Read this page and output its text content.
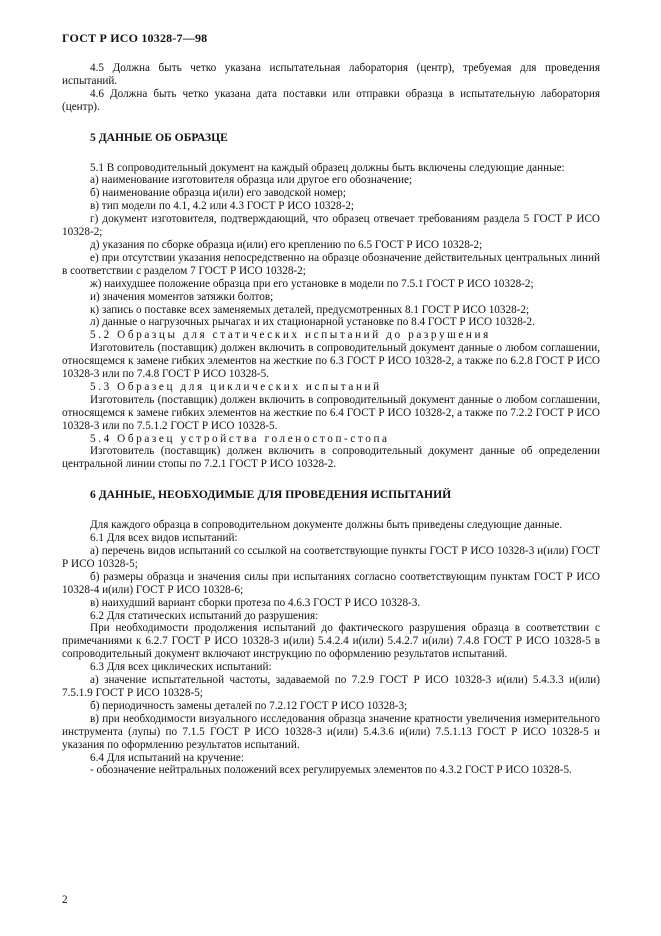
ГОСТ Р ИСО 10328-7—98

4.5 Должна быть четко указана испытательная лаборатория (центр), требуемая для проведения испытаний.

4.6 Должна быть четко указана дата поставки или отправки образца в испытательную лаборатория (центр).

5 ДАННЫЕ ОБ ОБРАЗЦЕ

5.1 В сопроводительный документ на каждый образец должны быть включены следующие данные:

а) наименование изготовителя образца или другое его обозначение;

б) наименование образца и(или) его заводской номер;

в) тип модели по 4.1, 4.2 или 4.3 ГОСТ Р ИСО 10328-2;

г) документ изготовителя, подтверждающий, что образец отвечает требованиям раздела 5 ГОСТ Р ИСО 10328-2;

д) указания по сборке образца и(или) его креплению по 6.5 ГОСТ Р ИСО 10328-2;

е) при отсутствии указания непосредственно на образце обозначение действительных центральных линий в соответствии с разделом 7 ГОСТ Р ИСО 10328-2;

ж) наихудшее положение образца при его установке в модели по 7.5.1 ГОСТ Р ИСО 10328-2;

и) значения моментов затяжки болтов;

к) запись о поставке всех заменяемых деталей, предусмотренных 8.1 ГОСТ Р ИСО 10328-2;

л) данные о нагрузочных рычагах и их стационарной установке по 8.4 ГОСТ Р ИСО 10328-2.

5.2 Образцы для статических испытаний до разрушения

Изготовитель (поставщик) должен включить в сопроводительный документ данные о любом соглашении, относящемся к замене гибких элементов на жесткие по 6.3 ГОСТ Р ИСО 10328-2, а также по 6.2.8 ГОСТ Р ИСО 10328-3 или по 7.4.8 ГОСТ Р ИСО 10328-5.

5.3 Образец для циклических испытаний

Изготовитель (поставщик) должен включить в сопроводительный документ данные о любом соглашении, относящемся к замене гибких элементов на жесткие по 6.4 ГОСТ Р ИСО 10328-2, а также по 7.2.2 ГОСТ Р ИСО 10328-3 или по 7.5.1.2 ГОСТ Р ИСО 10328-5.

5.4 Образец устройства голеностоп-стопа

Изготовитель (поставщик) должен включить в сопроводительный документ данные об определении центральной линии стопы по 7.2.1 ГОСТ Р ИСО 10328-2.

6 ДАННЫЕ, НЕОБХОДИМЫЕ ДЛЯ ПРОВЕДЕНИЯ ИСПЫТАНИЙ

Для каждого образца в сопроводительном документе должны быть приведены следующие данные.

6.1 Для всех видов испытаний:

а) перечень видов испытаний со ссылкой на соответствующие пункты ГОСТ Р ИСО 10328-3 и(или) ГОСТ Р ИСО 10328-5;

б) размеры образца и значения силы при испытаниях согласно соответствующим пунктам ГОСТ Р ИСО 10328-4 и(или) ГОСТ Р ИСО 10328-6;

в) наихудший вариант сборки протеза по 4.6.3 ГОСТ Р ИСО 10328-3.

6.2 Для статических испытаний до разрушения:

При необходимости продолжения испытаний до фактического разрушения образца в соответствии с примечаниями к 6.2.7 ГОСТ Р ИСО 10328-3 и(или) 5.4.2.4 и(или) 5.4.2.7 и(или) 7.4.8 ГОСТ Р ИСО 10328-5 в сопроводительный документ включают инструкцию по оформлению результатов испытаний.

6.3 Для всех циклических испытаний:

а) значение испытательной частоты, задаваемой по 7.2.9 ГОСТ Р ИСО 10328-3 и(или) 5.4.3.3 и(или) 7.5.1.9 ГОСТ Р ИСО 10328-5;

б) периодичность замены деталей по 7.2.12 ГОСТ Р ИСО 10328-3;

в) при необходимости визуального исследования образца значение кратности увеличения измерительного инструмента (лупы) по 7.1.5 ГОСТ Р ИСО 10328-3 и(или) 5.4.3.6 и(или) 7.5.1.13 ГОСТ Р ИСО 10328-5 и указания по оформлению результатов испытаний.

6.4 Для испытаний на кручение:

- обозначение нейтральных положений всех регулируемых элементов по 4.3.2 ГОСТ Р ИСО 10328-5.

2
